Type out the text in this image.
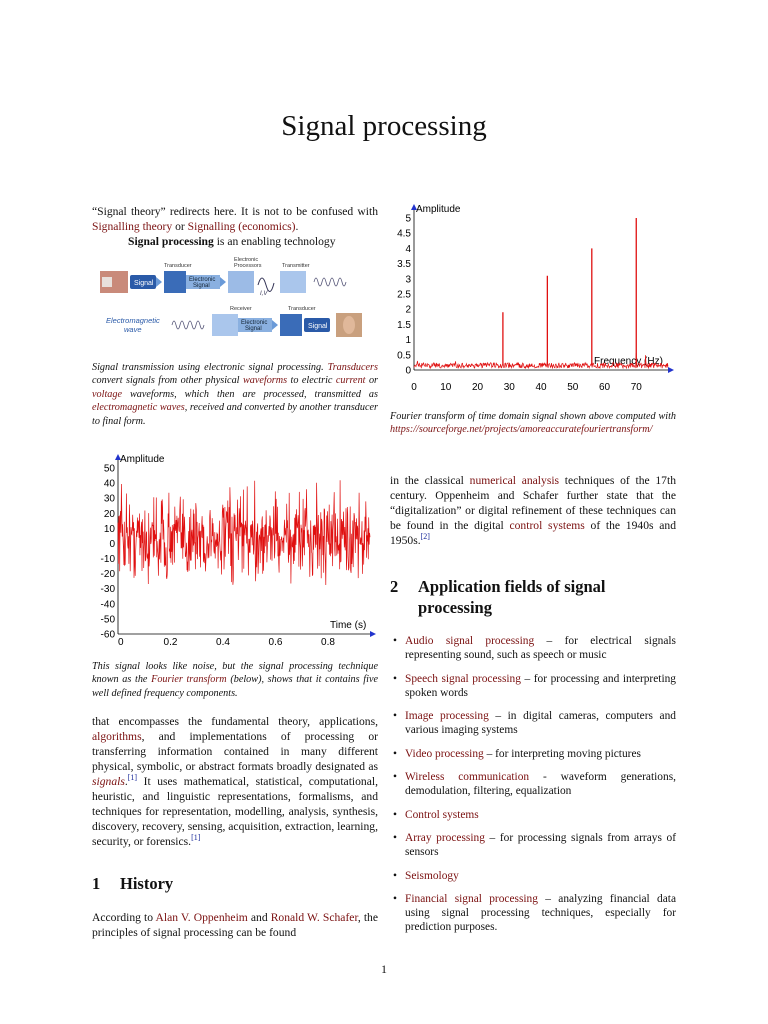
Signal processing

“Signal theory” redirects here. It is not to be confused with Signalling theory or Signalling (economics).

Signal processing is an enabling technology

Transducer
Electronic
Processors	Transmitter
Signal	Electronic
Signal
I,V
Receiver	Transducer
Electromagnetic
wave
Electronic
Signal	Signal

Signal transmission using electronic signal processing. Transducers convert signals from other physical waveforms to electric current or voltage waveforms, which then are processed, transmitted as electromagnetic waves, received and converted by another transducer to final form.

Amplitude
Time (s)
50
40
30
20
10
0
-10
-20
-30
-40
-50
-60
0	0.2	0.4	0.6	0.8

This signal looks like noise, but the signal processing technique known as the Fourier transform (below), shows that it contains five well defined frequency components.

that encompasses the fundamental theory, applications, algorithms, and implementations of processing or transferring information contained in many different physical, symbolic, or abstract formats broadly designated as signals.[1] It uses mathematical, statistical, computational, heuristic, and linguistic representations, formalisms, and techniques for representation, modelling, analysis, synthesis, discovery, recovery, sensing, acquisition, extraction, learning, security, or forensics.[1]

1 History

According to Alan V. Oppenheim and Ronald W. Schafer, the principles of signal processing can be found

Amplitude
Frequency (Hz)
5
4.5
4
3.5
3
2.5
2
1.5
1
0.5
0
0 10 20 30 40 50 60 70

Fourier transform of time domain signal shown above computed with https://sourceforge.net/projects/amoreaccuratefouriertransform/

in the classical numerical analysis techniques of the 17th century. Oppenheim and Schafer further state that the “digitalization” or digital refinement of these techniques can be found in the digital control systems of the 1940s and 1950s.[2]

2	Application fields of signal processing
• Audio signal processing – for electrical signals representing sound, such as speech or music
• Speech signal processing – for processing and interpreting spoken words
• Image processing – in digital cameras, computers and various imaging systems
• Video processing – for interpreting moving pictures
• Wireless communication - waveform generations, demodulation, filtering, equalization
• Control systems
• Array processing – for processing signals from arrays of sensors
• Seismology
• Financial signal processing – analyzing financial data using signal processing techniques, especially for prediction purposes.
1
